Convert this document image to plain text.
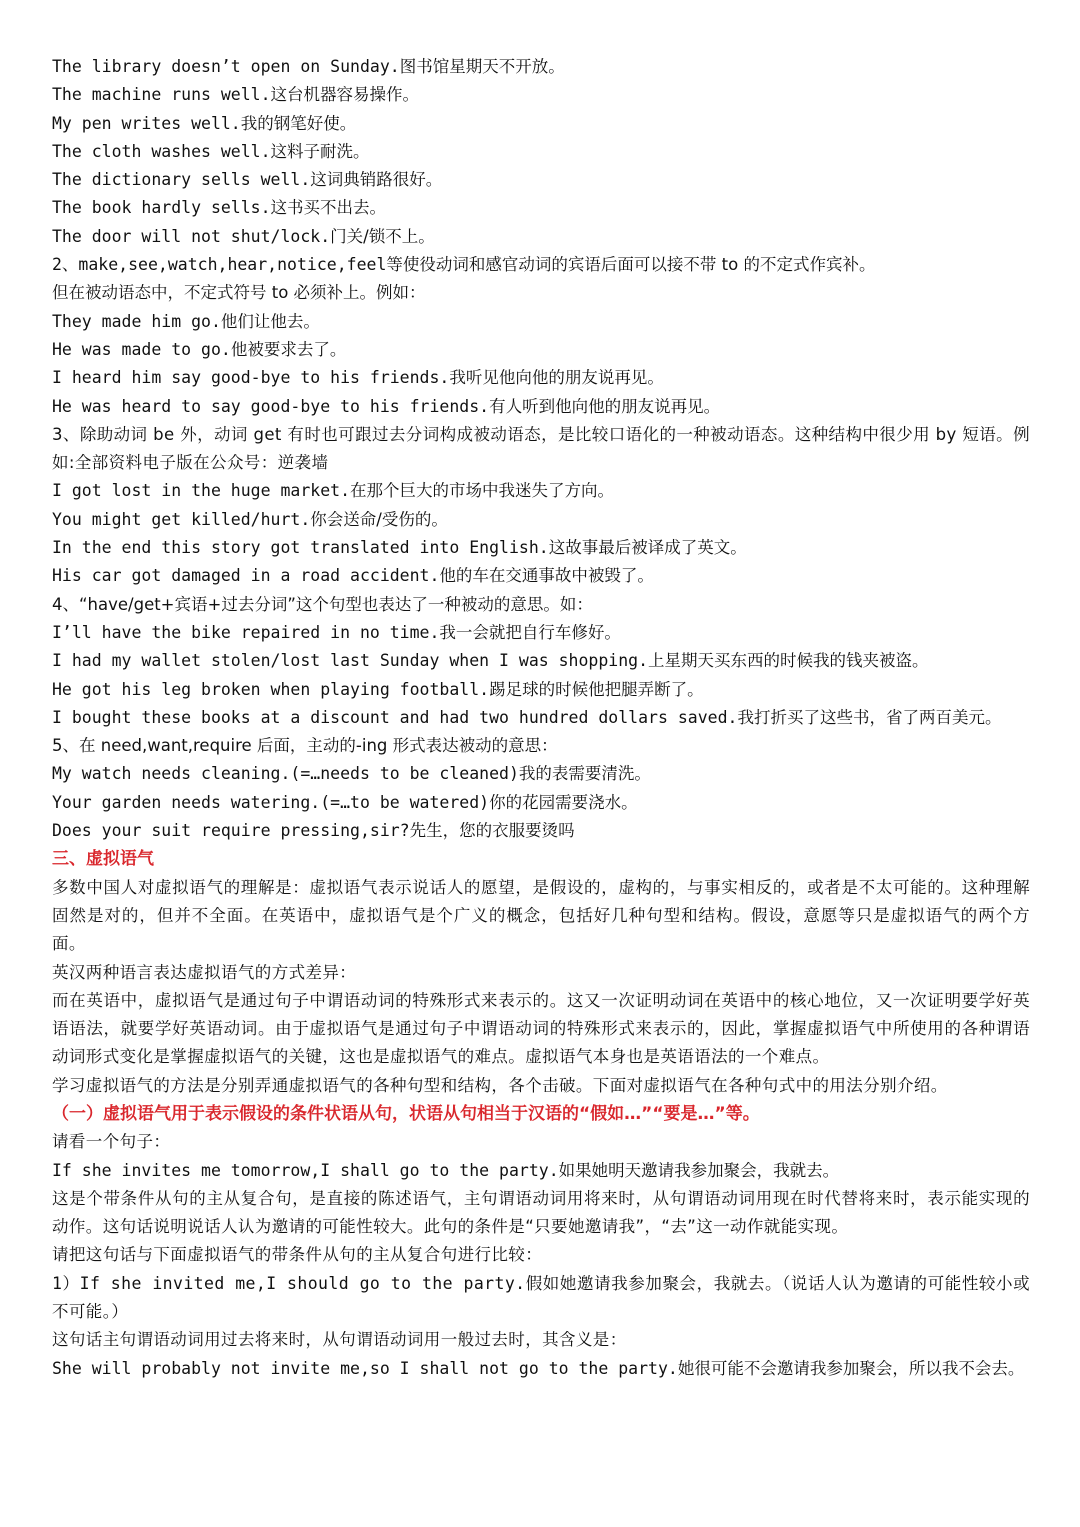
The library doesn’t open on Sunday.图书馆星期天不开放。

The machine runs well.这台机器容易操作。

My pen writes well.我的钢笔好使。

The cloth washes well.这料子耐洗。

The dictionary sells well.这词典销路很好。

The book hardly sells.这书买不出去。

The door will not shut/lock.门关/锁不上。

2、make,see,watch,hear,notice,feel等使役动词和感官动词的宾语后面可以接不带 to 的不定式作宾补。

但在被动语态中，不定式符号 to 必须补上。例如：

They made him go.他们让他去。

He was made to go.他被要求去了。

I heard him say good-bye to his friends.我听见他向他的朋友说再见。

He was heard to say good-bye to his friends.有人听到他向他的朋友说再见。

3、除助动词 be 外，动词 get 有时也可跟过去分词构成被动语态，是比较口语化的一种被动语态。这种结构中很少用 by 短语。例如:全部资料电子版在公众号：逆袭墙

I got lost in the huge market.在那个巨大的市场中我迷失了方向。

You might get killed/hurt.你会送命/受伤的。

In the end this story got translated into English.这故事最后被译成了英文。

His car got damaged in a road accident.他的车在交通事故中被毁了。

4、“have/get+宾语+过去分词”这个句型也表达了一种被动的意思。如：

I’ll have the bike repaired in no time.我一会就把自行车修好。

I had my wallet stolen/lost last Sunday when I was shopping.上星期天买东西的时候我的钱夹被盗。

He got his leg broken when playing football.踢足球的时候他把腿弄断了。

I bought these books at a discount and had two hundred dollars saved.我打折买了这些书，省了两百美元。

5、在 need,want,require 后面，主动的-ing 形式表达被动的意思：

My watch needs cleaning.(=…needs to be cleaned)我的表需要清洗。

Your garden needs watering.(=…to be watered)你的花园需要浇水。

Does your suit require pressing,sir?先生，您的衣服要烫吗

三、虚拟语气

多数中国人对虚拟语气的理解是：虚拟语气表示说话人的愿望，是假设的，虚构的，与事实相反的，或者是不太可能的。这种理解固然是对的，但并不全面。在英语中，虚拟语气是个广义的概念，包括好几种句型和结构。假设，意愿等只是虚拟语气的两个方面。

英汉两种语言表达虚拟语气的方式差异：

而在英语中，虚拟语气是通过句子中谓语动词的特殊形式来表示的。这又一次证明动词在英语中的核心地位，又一次证明要学好英语语法，就要学好英语动词。由于虚拟语气是通过句子中谓语动词的特殊形式来表示的，因此，掌握虚拟语气中所使用的各种谓语动词形式变化是掌握虚拟语气的关键，这也是虚拟语气的难点。虚拟语气本身也是英语语法的一个难点。

学习虚拟语气的方法是分别弄通虚拟语气的各种句型和结构，各个击破。下面对虚拟语气在各种句式中的用法分别介绍。

（一）虚拟语气用于表示假设的条件状语从句，状语从句相当于汉语的“假如…”“要是…”等。

请看一个句子：

If she invites me tomorrow,I shall go to the party.如果她明天邀请我参加聚会，我就去。

这是个带条件从句的主从复合句，是直接的陈述语气，主句谓语动词用将来时，从句谓语动词用现在时代替将来时，表示能实现的动作。这句话说明说话人认为邀请的可能性较大。此句的条件是“只要她邀请我”，“去”这一动作就能实现。

请把这句话与下面虚拟语气的带条件从句的主从复合句进行比较：

1）If she invited me,I should go to the party.假如她邀请我参加聚会，我就去。（说话人认为邀请的可能性较小或不可能。）

这句话主句谓语动词用过去将来时，从句谓语动词用一般过去时，其含义是：

She will probably not invite me,so I shall not go to the party.她很可能不会邀请我参加聚会，所以我不会去。
